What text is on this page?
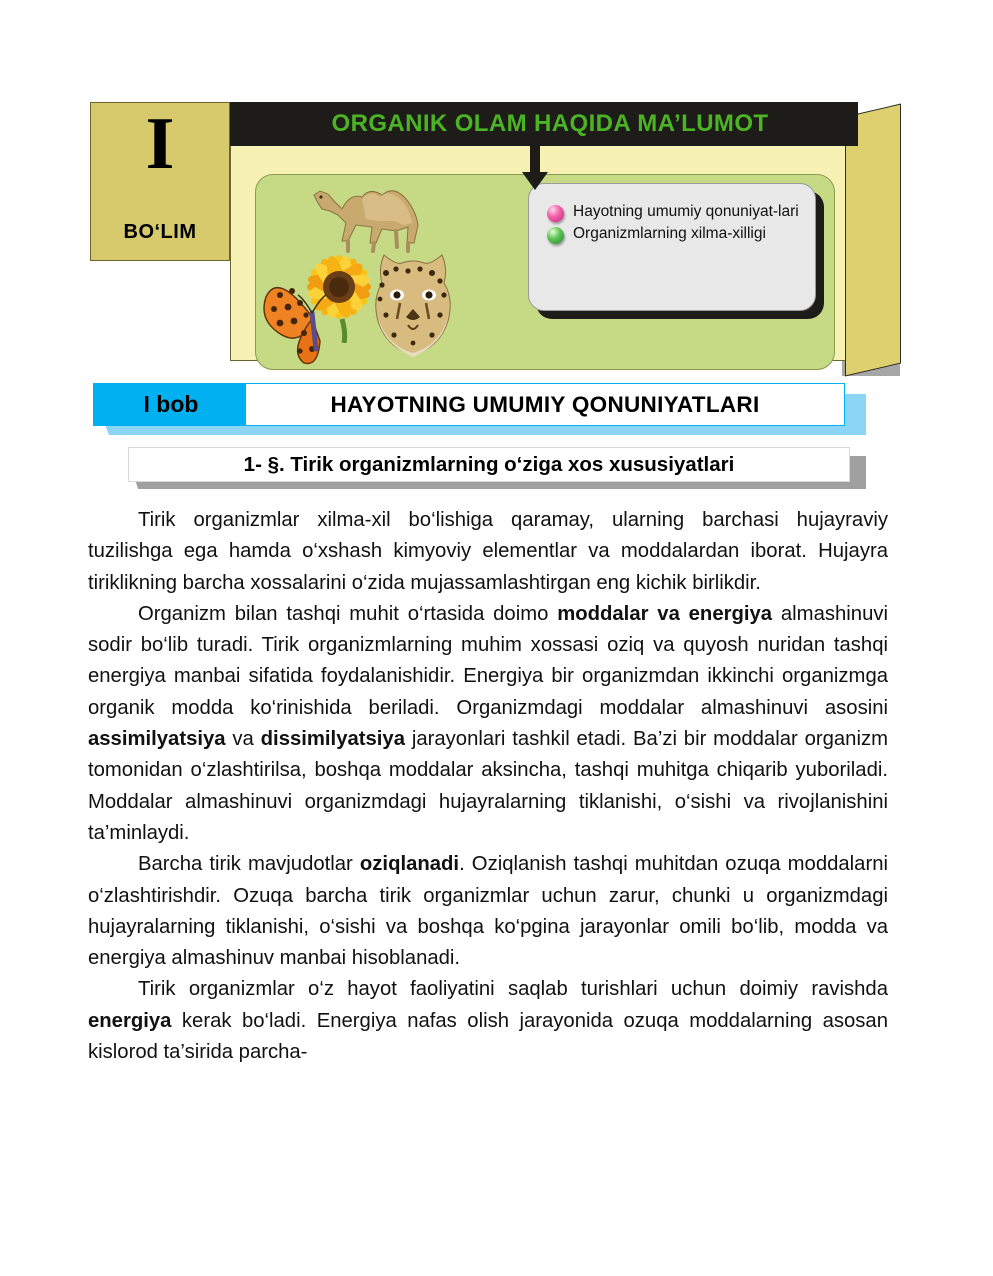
I
BO‘LIM
ORGANIK OLAM HAQIDA MA’LUMOT
Hayotning umumiy qonuniyat-lari
Organizmlarning xilma-xilligi
I bob	HAYOTNING UMUMIY QONUNIYATLARI
1- §. Tirik organizmlarning o‘ziga xos xususiyatlari

Tirik organizmlar xilma-xil bo‘lishiga qaramay, ularning barchasi hujayraviy tuzilishga ega hamda o‘xshash kimyoviy elementlar va moddalardan iborat. Hujayra tiriklikning barcha xossalarini o‘zida mujassamlashtirgan eng kichik birlikdir.

Organizm bilan tashqi muhit o‘rtasida doimo moddalar va energiya almashinuvi sodir bo‘lib turadi. Tirik organizmlarning muhim xossasi oziq va quyosh nuridan tashqi energiya manbai sifatida foydalanishidir. Energiya bir organizmdan ikkinchi organizmga organik modda ko‘rinishida beriladi. Organizmdagi moddalar almashinuvi asosini assimilyatsiya va dissimilyatsiya jarayonlari tashkil etadi. Ba’zi bir moddalar organizm tomonidan o‘zlashtirilsa, boshqa moddalar aksincha, tashqi muhitga chiqarib yuboriladi. Moddalar almashinuvi organizmdagi hujayralarning tiklanishi, o‘sishi va rivojlanishini ta’minlaydi.

Barcha tirik mavjudotlar oziqlanadi. Oziqlanish tashqi muhitdan ozuqa moddalarni o‘zlashtirishdir. Ozuqa barcha tirik organizmlar uchun zarur, chunki u organizmdagi hujayralarning tiklanishi, o‘sishi va boshqa ko‘pgina jarayonlar omili bo‘lib, modda va energiya almashinuv manbai hisoblanadi.

Tirik organizmlar o‘z hayot faoliyatini saqlab turishlari uchun doimiy ravishda energiya kerak bo‘ladi. Energiya nafas olish jarayonida ozuqa moddalarning asosan kislorod ta’sirida parcha-
